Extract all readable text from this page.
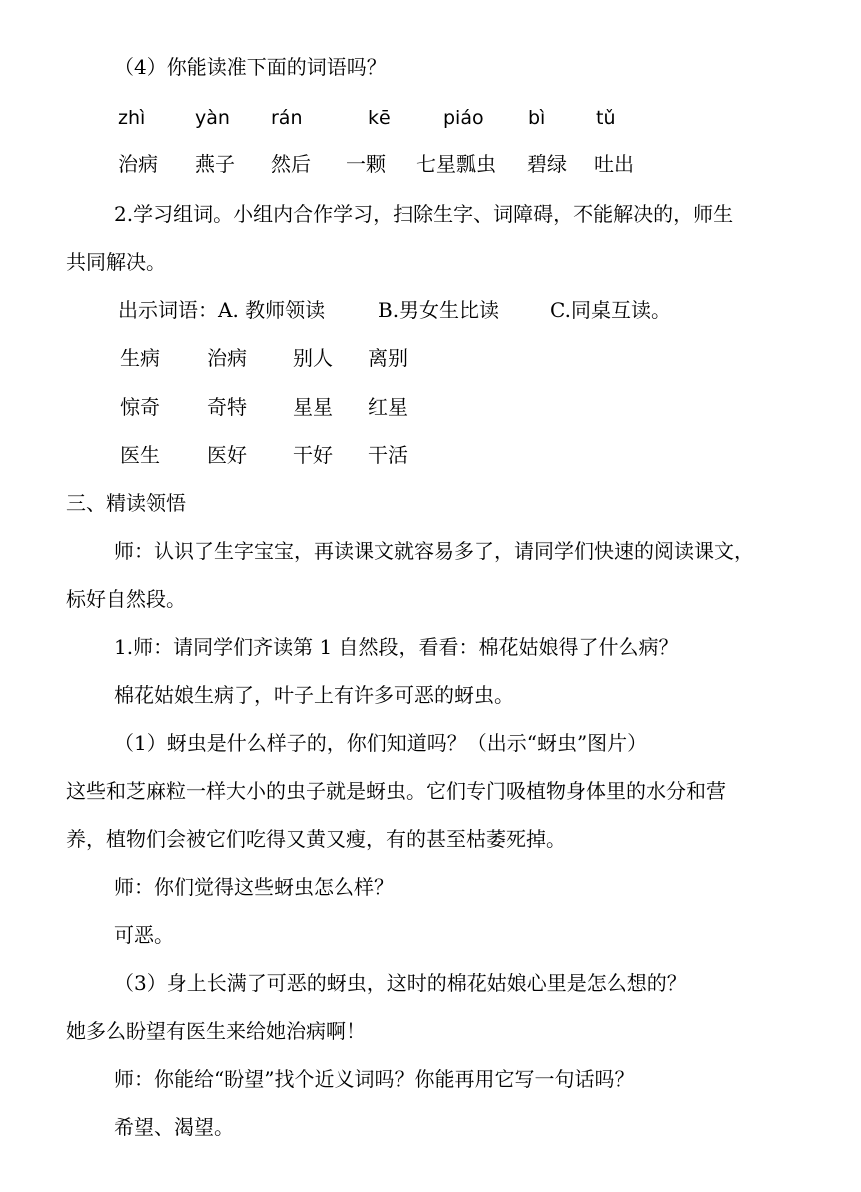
（4）你能读准下面的词语吗？
zhì	yàn rán	kē	piáo bì	tǔ
治病 燕子 然后 一颗 七星瓢虫 碧绿 吐出
2.学习组词。小组内合作学习，扫除生字、词障碍，不能解决的，师生
共同解决。
出示词语：A. 教师领读	B.男女生比读	C.同桌互读。
生病 治病 别人 离别
惊奇 奇特 星星 红星
医生 医好 干好 干活
三、精读领悟
师：认识了生字宝宝，再读课文就容易多了，请同学们快速的阅读课文，
标好自然段。
1.师：请同学们齐读第 1 自然段，看看：棉花姑娘得了什么病？
棉花姑娘生病了，叶子上有许多可恶的蚜虫。
（1）蚜虫是什么样子的，你们知道吗？（出示“蚜虫”图片）
这些和芝麻粒一样大小的虫子就是蚜虫。它们专门吸植物身体里的水分和营
养，植物们会被它们吃得又黄又瘦，有的甚至枯萎死掉。
师：你们觉得这些蚜虫怎么样？
可恶。
（3）身上长满了可恶的蚜虫，这时的棉花姑娘心里是怎么想的？
她多么盼望有医生来给她治病啊！
师：你能给“盼望”找个近义词吗？你能再用它写一句话吗？
希望、渴望。
